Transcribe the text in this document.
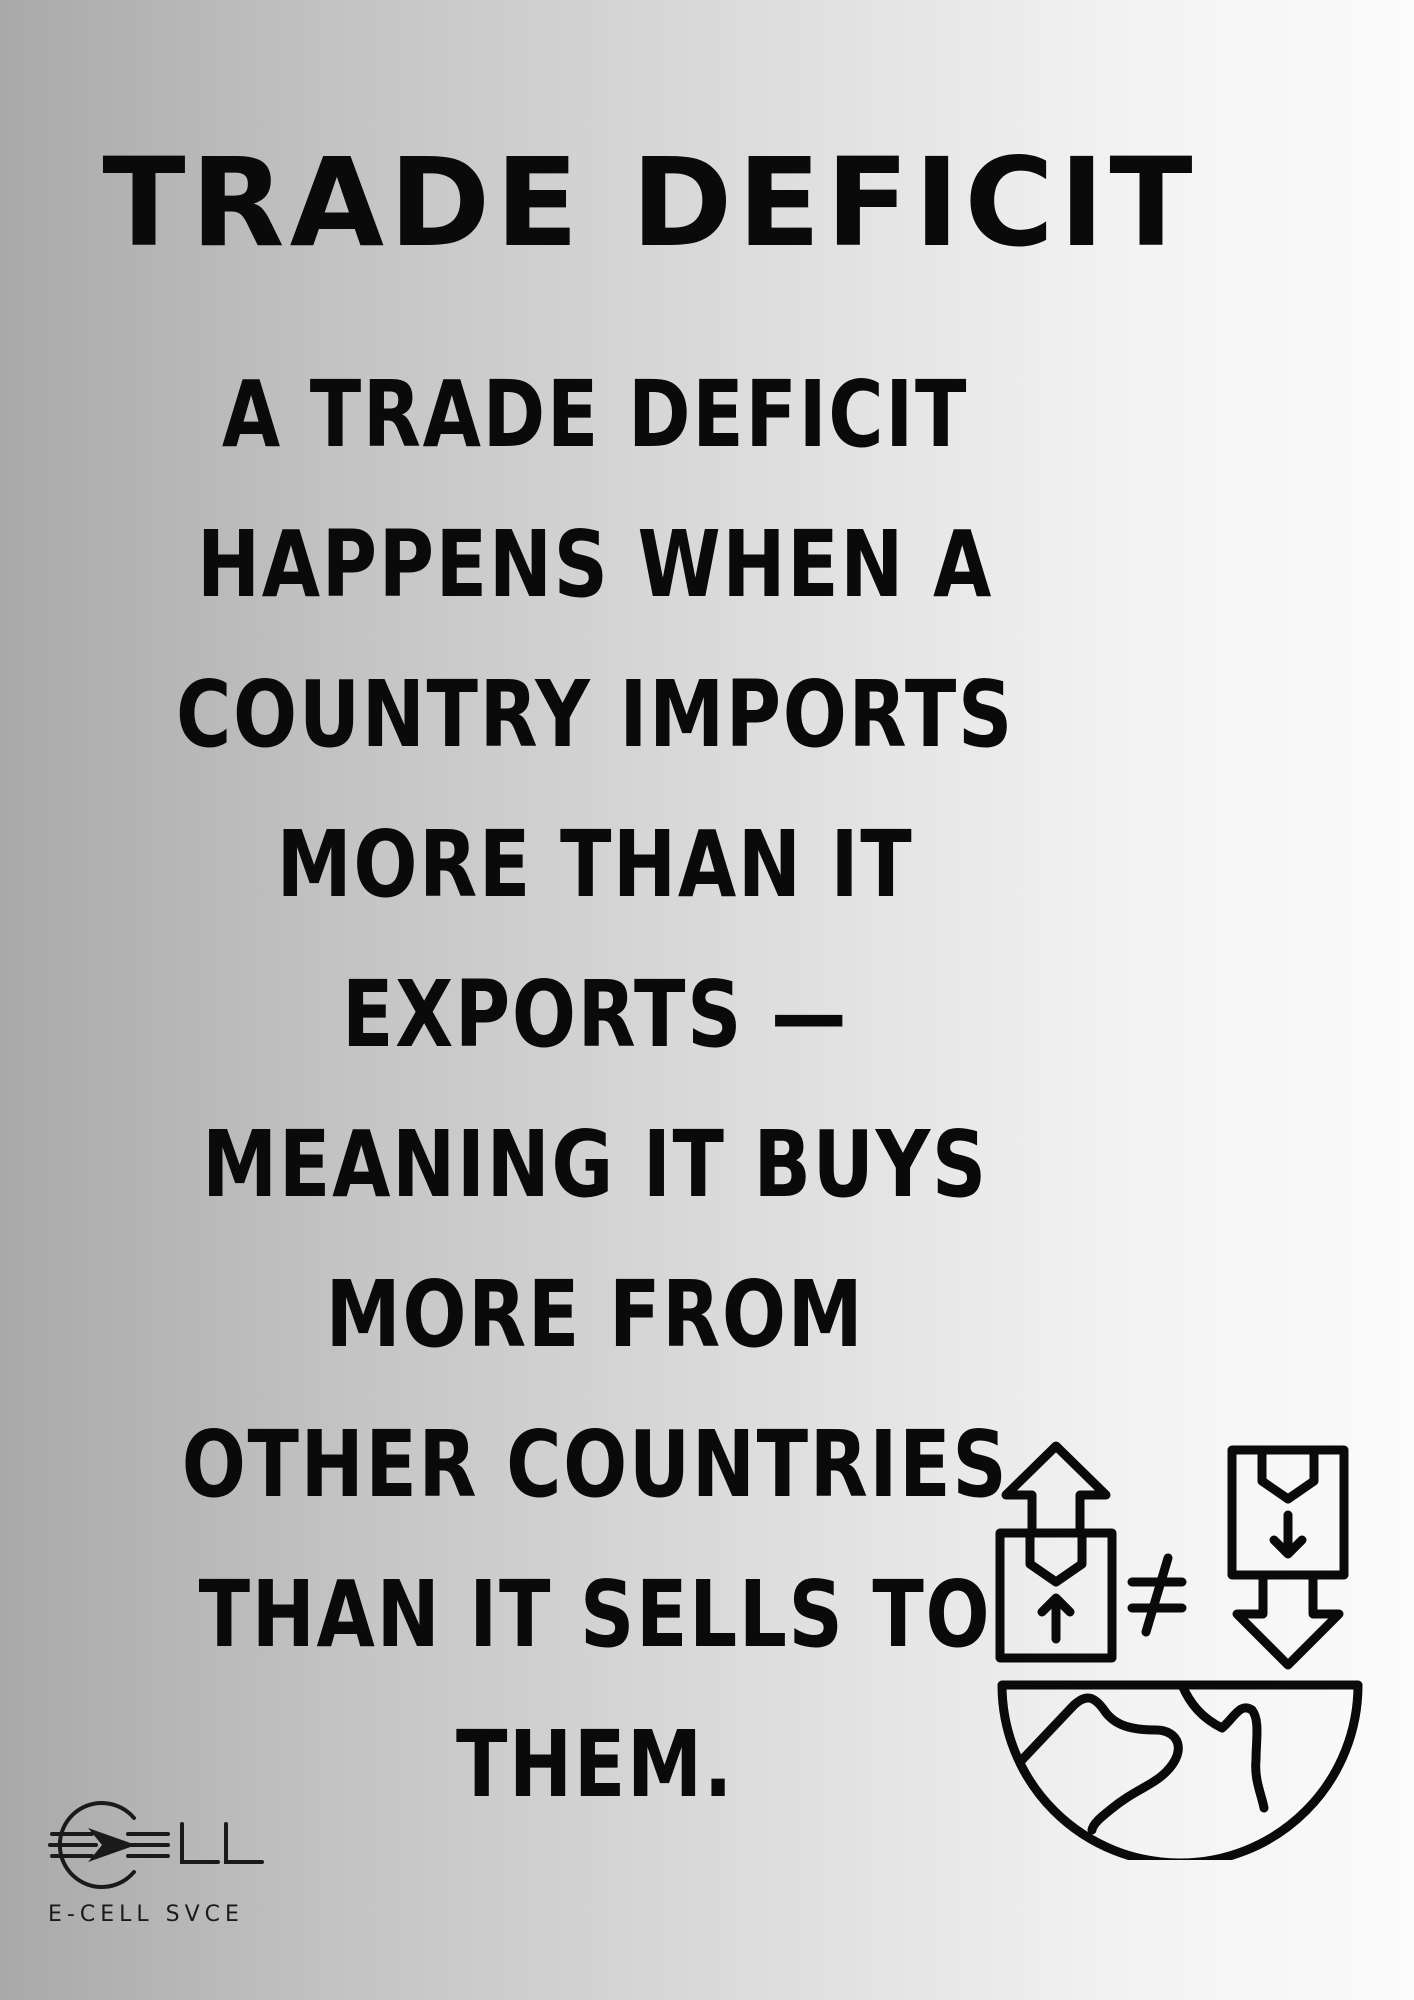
TRADE DEFICIT
A TRADE DEFICIT
HAPPENS WHEN A
COUNTRY IMPORTS
MORE THAN IT
EXPORTS —
MEANING IT BUYS
MORE FROM
OTHER COUNTRIES
THAN IT SELLS TO
THEM.
E-CELL SVCE
